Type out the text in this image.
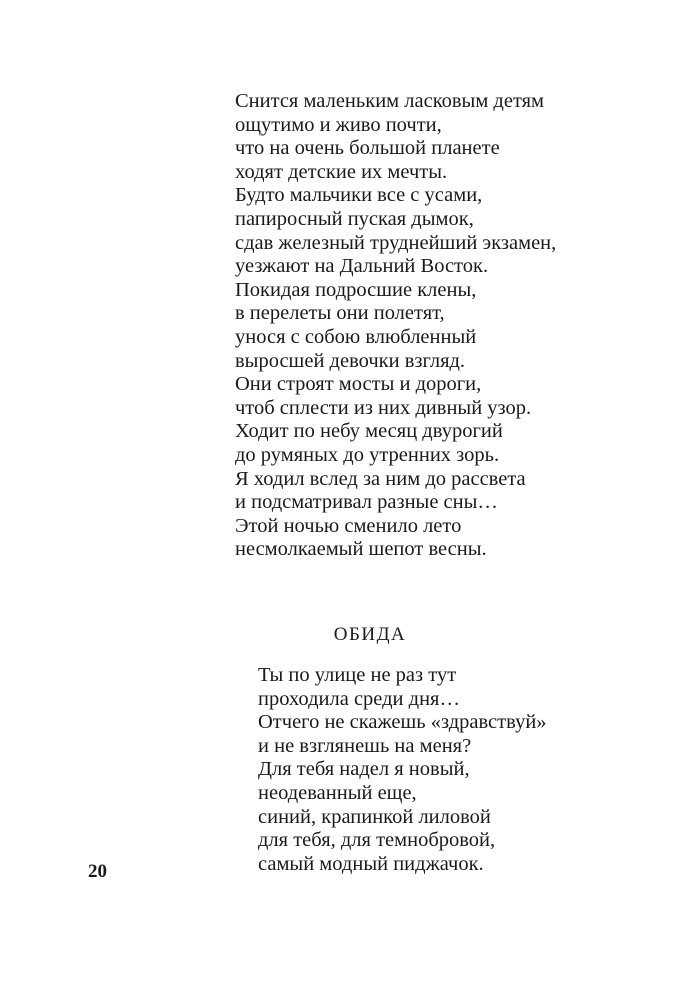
Снится маленьким ласковым детям
ощутимо и живо почти,
что на очень большой планете
ходят детские их мечты.
Будто мальчики все с усами,
папиросный пуская дымок,
сдав железный труднейший экзамен,
уезжают на Дальний Восток.
Покидая подросшие клены,
в перелеты они полетят,
унося с собою влюбленный
выросшей девочки взгляд.
Они строят мосты и дороги,
чтоб сплести из них дивный узор.
Ходит по небу месяц двурогий
до румяных до утренних зорь.
Я ходил вслед за ним до рассвета
и подсматривал разные сны…
Этой ночью сменило лето
несмолкаемый шепот весны.
ОБИДА
Ты по улице не раз тут
проходила среди дня…
Отчего не скажешь «здравствуй»
и не взглянешь на меня?
Для тебя надел я новый,
неодеванный еще,
синий, крапинкой лиловой
для тебя, для темнобровой,
самый модный пиджачок.
20
